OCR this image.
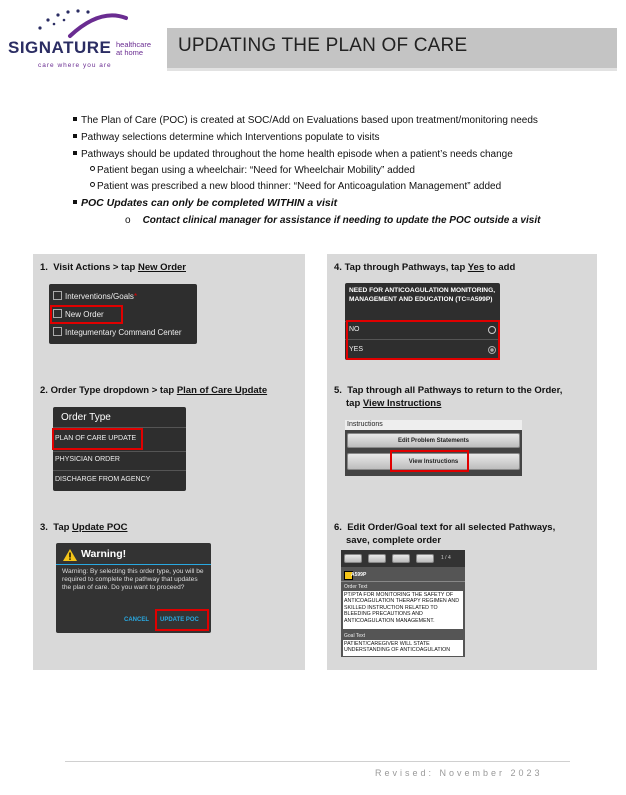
SIGNATURE healthcare
at home
care where you are
UPDATING THE PLAN OF CARE
The Plan of Care (POC) is created at SOC/Add on Evaluations based upon treatment/monitoring needs
Pathway selections determine which Interventions populate to visits
Pathways should be updated throughout the home health episode when a patient’s needs change
Patient began using a wheelchair: “Need for Wheelchair Mobility” added
Patient was prescribed a new blood thinner: “Need for Anticoagulation Management” added
POC Updates can only be completed WITHIN a visit
o Contact clinical manager for assistance if needing to update the POC outside a visit
1. Visit Actions > tap New Order
Interventions/Goals*
New Order
Integumentary Command Center
2. Order Type dropdown > tap Plan of Care Update
Order Type
PLAN OF CARE UPDATE
PHYSICIAN ORDER
DISCHARGE FROM AGENCY
3. Tap Update POC
Warning!
Warning: By selecting this order type, you will be required to complete the pathway that updates the plan of care. Do you want to proceed?
CANCEL UPDATE POC
4. Tap through Pathways, tap Yes to add
NEED FOR ANTICOAGULATION MONITORING, MANAGEMENT AND EDUCATION (TC=A599P)
NO
YES
5. Tap through all Pathways to return to the Order,
tap View Instructions
Instructions
Edit Problem Statements
View Instructions
6. Edit Order/Goal text for all selected Pathways,
save, complete order
1 / 4
A599P
Order Text
PT/PTA FOR MONITORING THE SAFETY OF ANTICOAGULATION THERAPY REGIMEN AND SKILLED INSTRUCTION RELATED TO BLEEDING PRECAUTIONS AND ANTICOAGULATION MANAGEMENT.
Goal Text
PATIENT/CAREGIVER WILL STATE UNDERSTANDING OF ANTICOAGULATION
Revised: November 2023
